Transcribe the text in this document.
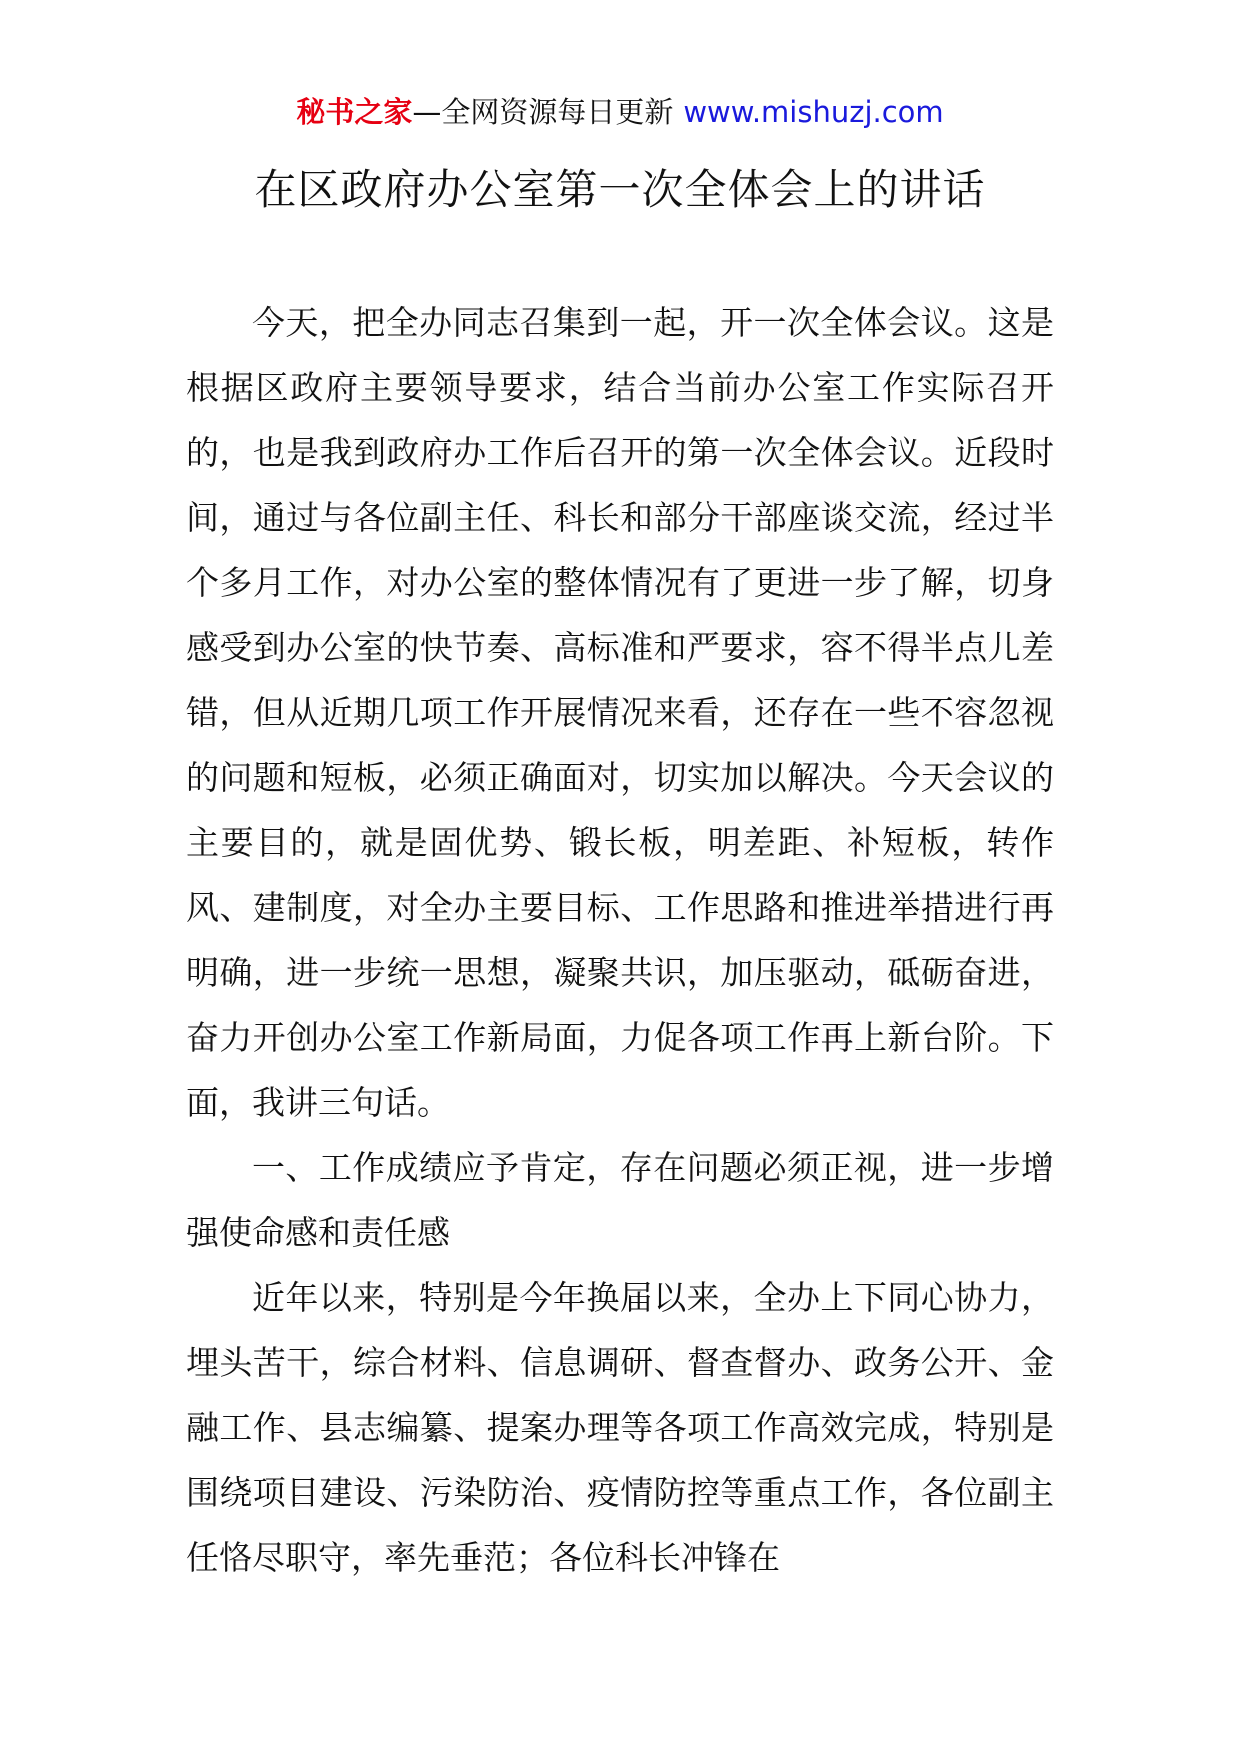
秘书之家—全网资源每日更新 www.mishuzj.com
在区政府办公室第一次全体会上的讲话

今天，把全办同志召集到一起，开一次全体会议。这是根据区政府主要领导要求，结合当前办公室工作实际召开的，也是我到政府办工作后召开的第一次全体会议。近段时间，通过与各位副主任、科长和部分干部座谈交流，经过半个多月工作，对办公室的整体情况有了更进一步了解，切身感受到办公室的快节奏、高标准和严要求，容不得半点儿差错，但从近期几项工作开展情况来看，还存在一些不容忽视的问题和短板，必须正确面对，切实加以解决。今天会议的主要目的，就是固优势、锻长板，明差距、补短板，转作风、建制度，对全办主要目标、工作思路和推进举措进行再明确，进一步统一思想，凝聚共识，加压驱动，砥砺奋进，奋力开创办公室工作新局面，力促各项工作再上新台阶。下面，我讲三句话。

一、工作成绩应予肯定，存在问题必须正视，进一步增强使命感和责任感

近年以来，特别是今年换届以来，全办上下同心协力，埋头苦干，综合材料、信息调研、督查督办、政务公开、金融工作、县志编纂、提案办理等各项工作高效完成，特别是围绕项目建设、污染防治、疫情防控等重点工作，各位副主任恪尽职守，率先垂范；各位科长冲锋在
